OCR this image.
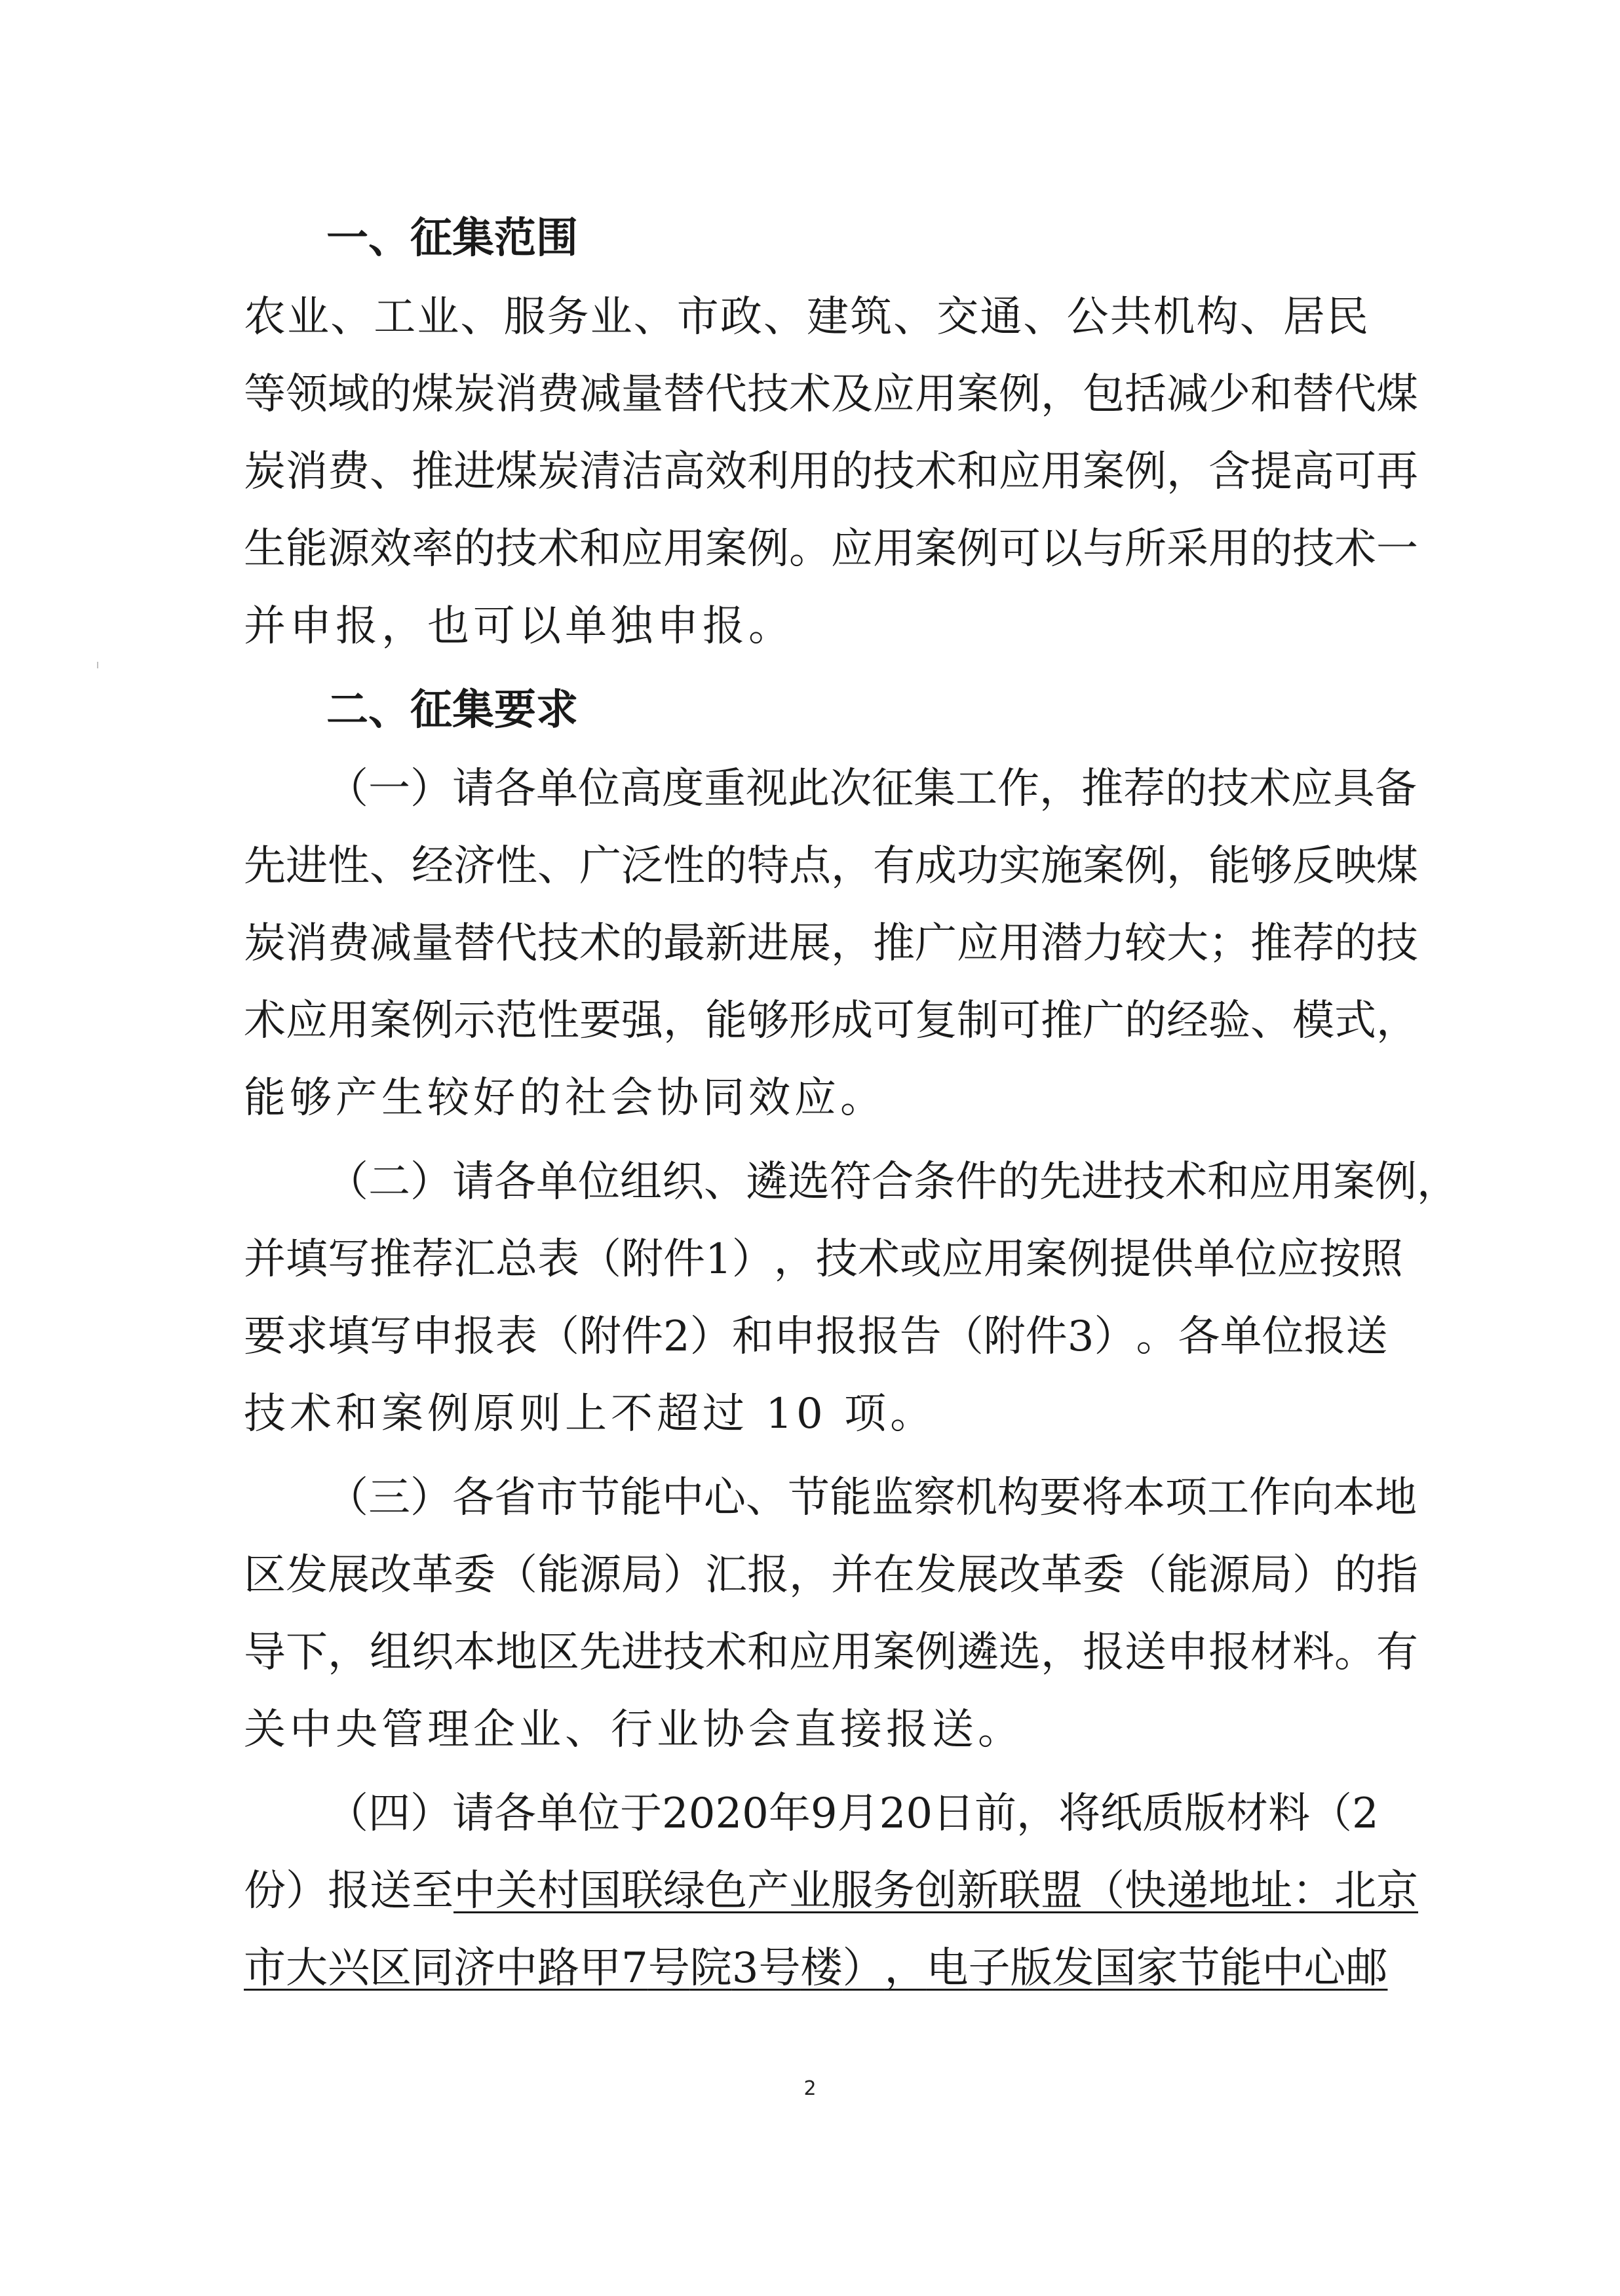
一、征集范围
农 业 、 工 业 、 服 务 业 、 市 政 、 建 筑 、 交 通 、 公 共 机 构 、 居 民
等 领 域 的 煤 炭 消 费 减 量 替 代 技 术 及 应 用 案 例 ， 包 括 减 少 和 替 代 煤
炭 消 费 、 推 进 煤 炭 清 洁 高 效 利 用 的 技 术 和 应 用 案 例 ， 含 提 高 可 再
生 能 源 效 率 的 技 术 和 应 用 案 例 。 应 用 案 例 可 以 与 所 采 用 的 技 术 一
并申报，也可以单独申报。
二、征集要求
（ 一 ） 请 各 单 位 高 度 重 视 此 次 征 集 工 作 ， 推 荐 的 技 术 应 具 备
先 进 性 、 经 济 性 、 广 泛 性 的 特 点 ， 有 成 功 实 施 案 例 ， 能 够 反 映 煤
炭 消 费 减 量 替 代 技 术 的 最 新 进 展 ， 推 广 应 用 潜 力 较 大 ； 推 荐 的 技
术 应 用 案 例 示 范 性 要 强 ， 能 够 形 成 可 复 制 可 推 广 的 经 验 、 模 式 ，
能够产生较好的社会协同效应。
（ 二 ） 请 各 单 位 组 织 、 遴 选 符 合 条 件 的 先 进 技 术 和 应 用 案 例 ，
并 填 写 推 荐 汇 总 表 （ 附 件 1 ） ， 技 术 或 应 用 案 例 提 供 单 位 应 按 照
要 求 填 写 申 报 表 （ 附 件 2 ） 和 申 报 报 告 （ 附 件 3 ） 。 各 单 位 报 送
技术和案例原则上不超过 10 项。
（ 三 ） 各 省 市 节 能 中 心 、 节 能 监 察 机 构 要 将 本 项 工 作 向 本 地
区 发 展 改 革 委 （ 能 源 局 ） 汇 报 ， 并 在 发 展 改 革 委 （ 能 源 局 ） 的 指
导 下 ， 组 织 本 地 区 先 进 技 术 和 应 用 案 例 遴 选 ， 报 送 申 报 材 料 。 有
关中央管理企业、行业协会直接报送。
（ 四 ） 请 各 单 位 于 2020 年 9 月 20 日 前 ， 将 纸 质 版 材 料 （ 2
份 ） 报 送 至 中 关 村 国 联 绿 色 产 业 服 务 创 新 联 盟 （ 快 递 地 址 ： 北 京
市 大 兴 区 同 济 中 路 甲 7 号 院 3 号 楼 ） ， 电 子 版 发 国 家 节 能 中 心 邮
2
